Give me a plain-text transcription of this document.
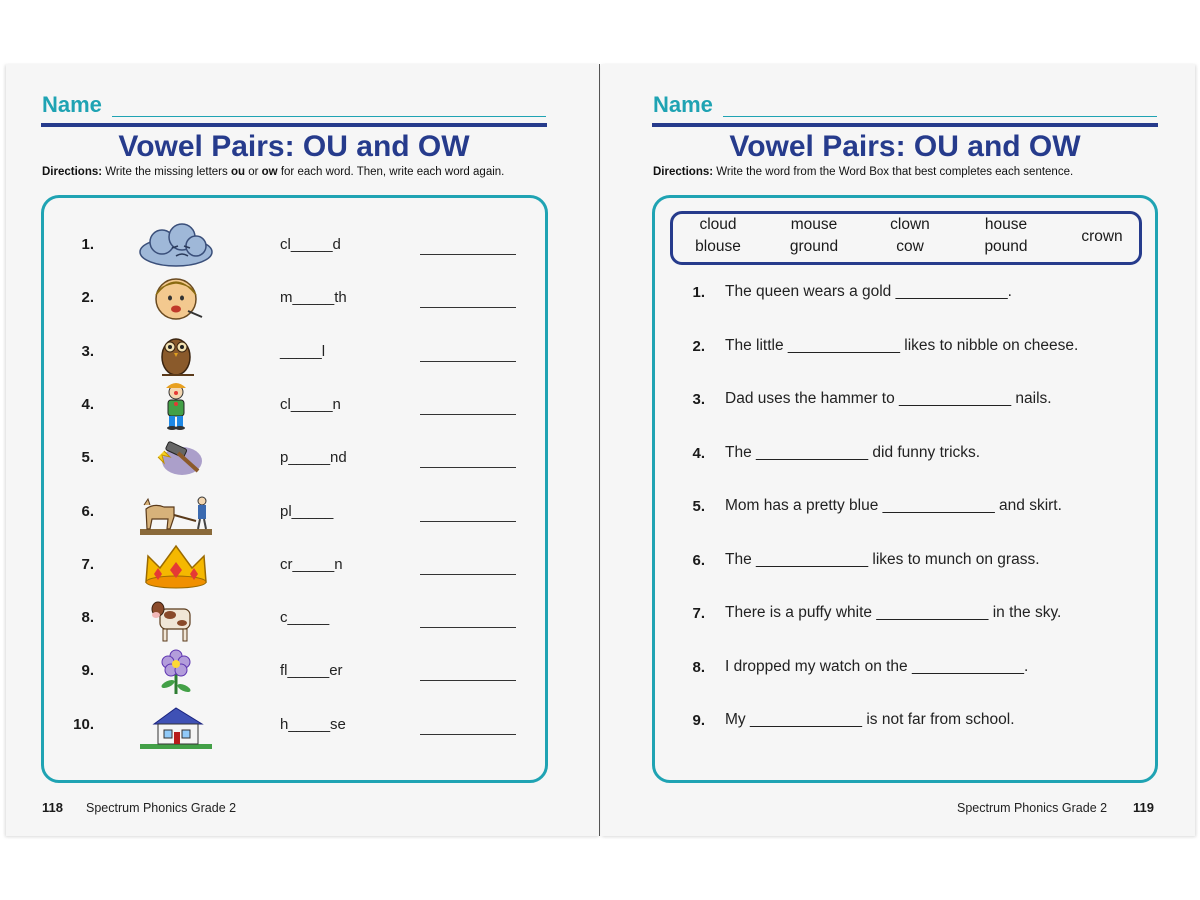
Name
Vowel Pairs: OU and OW
Directions: Write the missing letters ou or ow for each word. Then, write each word again.
1.	cl_____d
2.	m_____th
3.	_____l
4.	cl_____n
5.	p_____nd
6.	pl_____
7.	cr_____n
8.	c_____
9.	fl_____er
10.	h_____se
118 Spectrum Phonics Grade 2
Name
Vowel Pairs: OU and OW
Directions: Write the word from the Word Box that best completes each sentence.
cloud
blouse
mouse
ground
clown
cow
house
pound
crown
1. The queen wears a gold _____________.
2. The little _____________ likes to nibble on cheese.
3. Dad uses the hammer to _____________ nails.
4. The _____________ did funny tricks.
5. Mom has a pretty blue _____________ and skirt.
6. The _____________ likes to munch on grass.
7. There is a puffy white _____________ in the sky.
8. I dropped my watch on the _____________.
9. My _____________ is not far from school.
Spectrum Phonics Grade 2 119
